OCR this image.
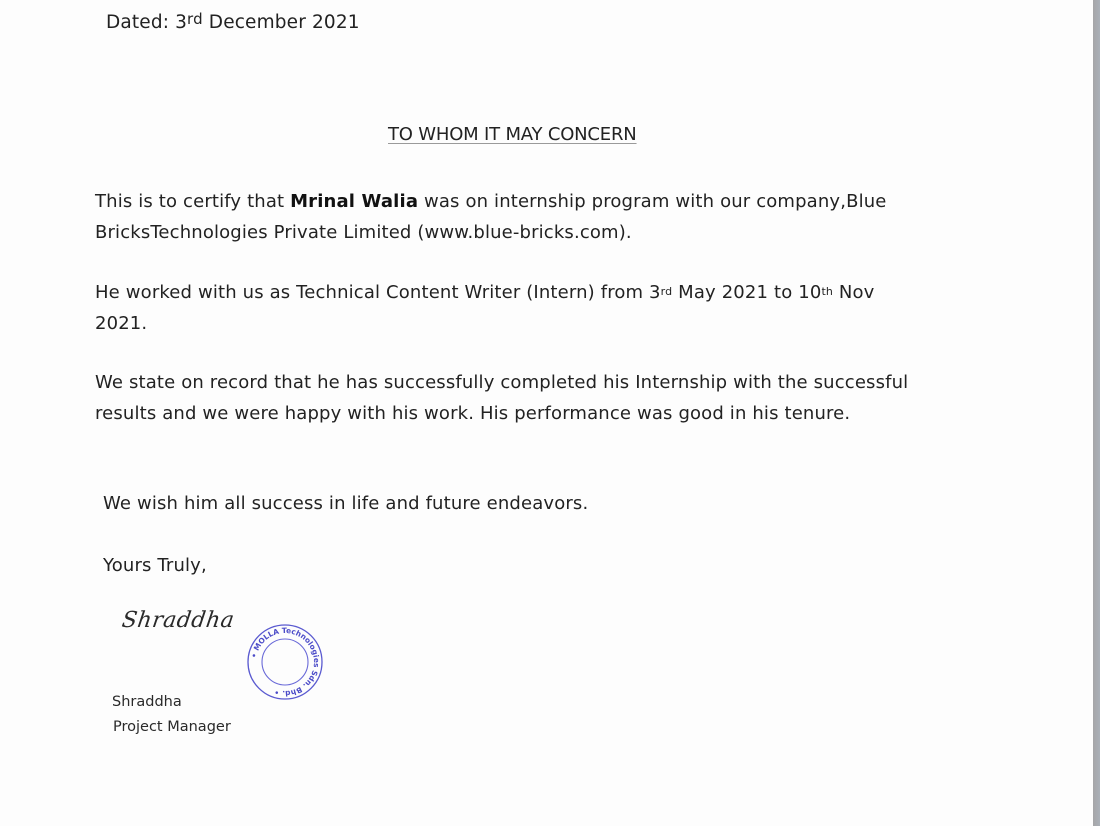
Dated: 3rd December 2021
TO WHOM IT MAY CONCERN
This is to certify that Mrinal Walia was on internship program with our company,Blue
BricksTechnologies Private Limited (www.blue-bricks.com).
He worked with us as Technical Content Writer (Intern) from 3rd May 2021 to 10th Nov
2021.
We state on record that he has successfully completed his Internship with the successful
results and we were happy with his work. His performance was good in his tenure.
We wish him all success in life and future endeavors.
Yours Truly,
Shraddha
• MOLLA Technologies Sdn. Bhd. •
Shraddha
Project Manager
